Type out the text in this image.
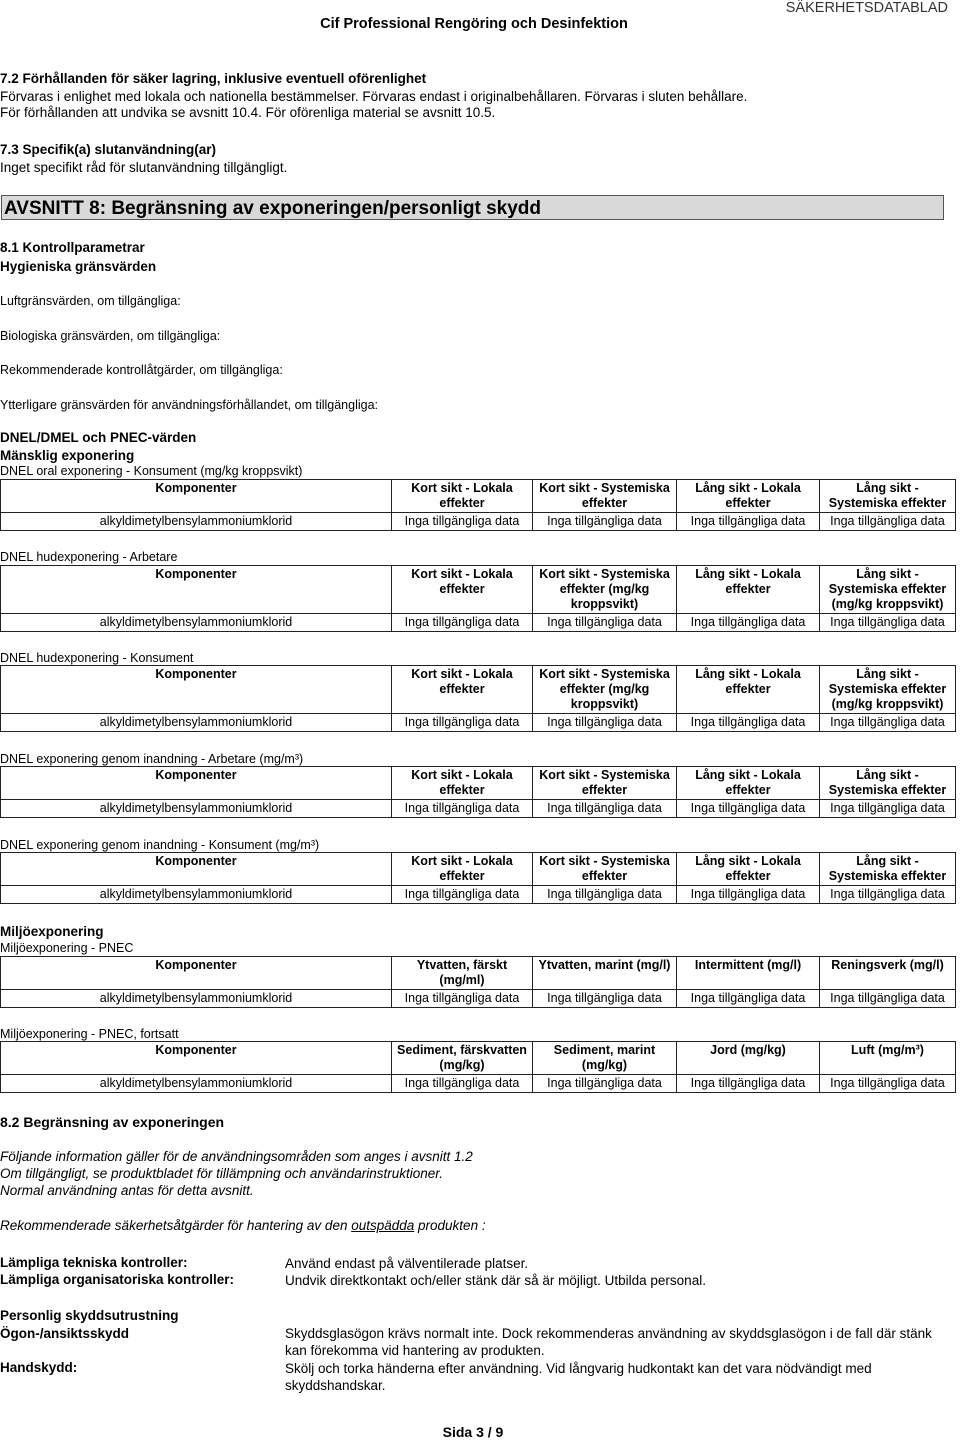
SÄKERHETSDATABLAD
Cif Professional Rengöring och Desinfektion
7.2 Förhållanden för säker lagring, inklusive eventuell oförenlighet
Förvaras i enlighet med lokala och nationella bestämmelser. Förvaras endast i originalbehållaren. Förvaras i sluten behållare.
För förhållanden att undvika se avsnitt 10.4. För oförenliga material se avsnitt 10.5.
7.3 Specifik(a) slutanvändning(ar)
Inget specifikt råd för slutanvändning tillgängligt.
AVSNITT 8: Begränsning av exponeringen/personligt skydd
8.1 Kontrollparametrar
Hygieniska gränsvärden
Luftgränsvärden, om tillgängliga:
Biologiska gränsvärden, om tillgängliga:
Rekommenderade kontrollåtgärder, om tillgängliga:
Ytterligare gränsvärden för användningsförhållandet, om tillgängliga:
DNEL/DMEL och PNEC-värden
Mänsklig exponering
DNEL oral exponering - Konsument (mg/kg kroppsvikt)
Komponenter	Kort sikt - Lokala effekter	Kort sikt - Systemiska effekter	Lång sikt - Lokala effekter	Lång sikt - Systemiska effekter
alkyldimetylbensylammoniumklorid	Inga tillgängliga data	Inga tillgängliga data	Inga tillgängliga data	Inga tillgängliga data
DNEL hudexponering - Arbetare
Komponenter	Kort sikt - Lokala effekter	Kort sikt - Systemiska effekter (mg/kg kroppsvikt)	Lång sikt - Lokala effekter	Lång sikt - Systemiska effekter (mg/kg kroppsvikt)
alkyldimetylbensylammoniumklorid	Inga tillgängliga data	Inga tillgängliga data	Inga tillgängliga data	Inga tillgängliga data
DNEL hudexponering - Konsument
Komponenter	Kort sikt - Lokala effekter	Kort sikt - Systemiska effekter (mg/kg kroppsvikt)	Lång sikt - Lokala effekter	Lång sikt - Systemiska effekter (mg/kg kroppsvikt)
alkyldimetylbensylammoniumklorid	Inga tillgängliga data	Inga tillgängliga data	Inga tillgängliga data	Inga tillgängliga data
DNEL exponering genom inandning - Arbetare (mg/m³)
Komponenter	Kort sikt - Lokala effekter	Kort sikt - Systemiska effekter	Lång sikt - Lokala effekter	Lång sikt - Systemiska effekter
alkyldimetylbensylammoniumklorid	Inga tillgängliga data	Inga tillgängliga data	Inga tillgängliga data	Inga tillgängliga data
DNEL exponering genom inandning - Konsument (mg/m³)
Komponenter	Kort sikt - Lokala effekter	Kort sikt - Systemiska effekter	Lång sikt - Lokala effekter	Lång sikt - Systemiska effekter
alkyldimetylbensylammoniumklorid	Inga tillgängliga data	Inga tillgängliga data	Inga tillgängliga data	Inga tillgängliga data
Miljöexponering
Miljöexponering - PNEC
Komponenter	Ytvatten, färskt (mg/ml)	Ytvatten, marint (mg/l)	Intermittent (mg/l)	Reningsverk (mg/l)
alkyldimetylbensylammoniumklorid	Inga tillgängliga data	Inga tillgängliga data	Inga tillgängliga data	Inga tillgängliga data
Miljöexponering - PNEC, fortsatt
Komponenter	Sediment, färskvatten (mg/kg)	Sediment, marint (mg/kg)	Jord (mg/kg)	Luft (mg/m³)
alkyldimetylbensylammoniumklorid	Inga tillgängliga data	Inga tillgängliga data	Inga tillgängliga data	Inga tillgängliga data
8.2 Begränsning av exponeringen
Följande information gäller för de användningsområden som anges i avsnitt 1.2
Om tillgängligt, se produktbladet för tillämpning och användarinstruktioner.
Normal användning antas för detta avsnitt.
Rekommenderade säkerhetsåtgärder för hantering av den outspädda produkten :
Lämpliga tekniska kontroller:	Använd endast på välventilerade platser.
Lämpliga organisatoriska kontroller:	Undvik direktkontakt och/eller stänk där så är möjligt. Utbilda personal.
Personlig skyddsutrustning
Ögon-/ansiktsskydd	Skyddsglasögon krävs normalt inte. Dock rekommenderas användning av skyddsglasögon i de fall där stänk kan förekomma vid hantering av produkten.
Handskydd:	Skölj och torka händerna efter användning. Vid långvarig hudkontakt kan det vara nödvändigt med skyddshandskar.
Sida 3 / 9
